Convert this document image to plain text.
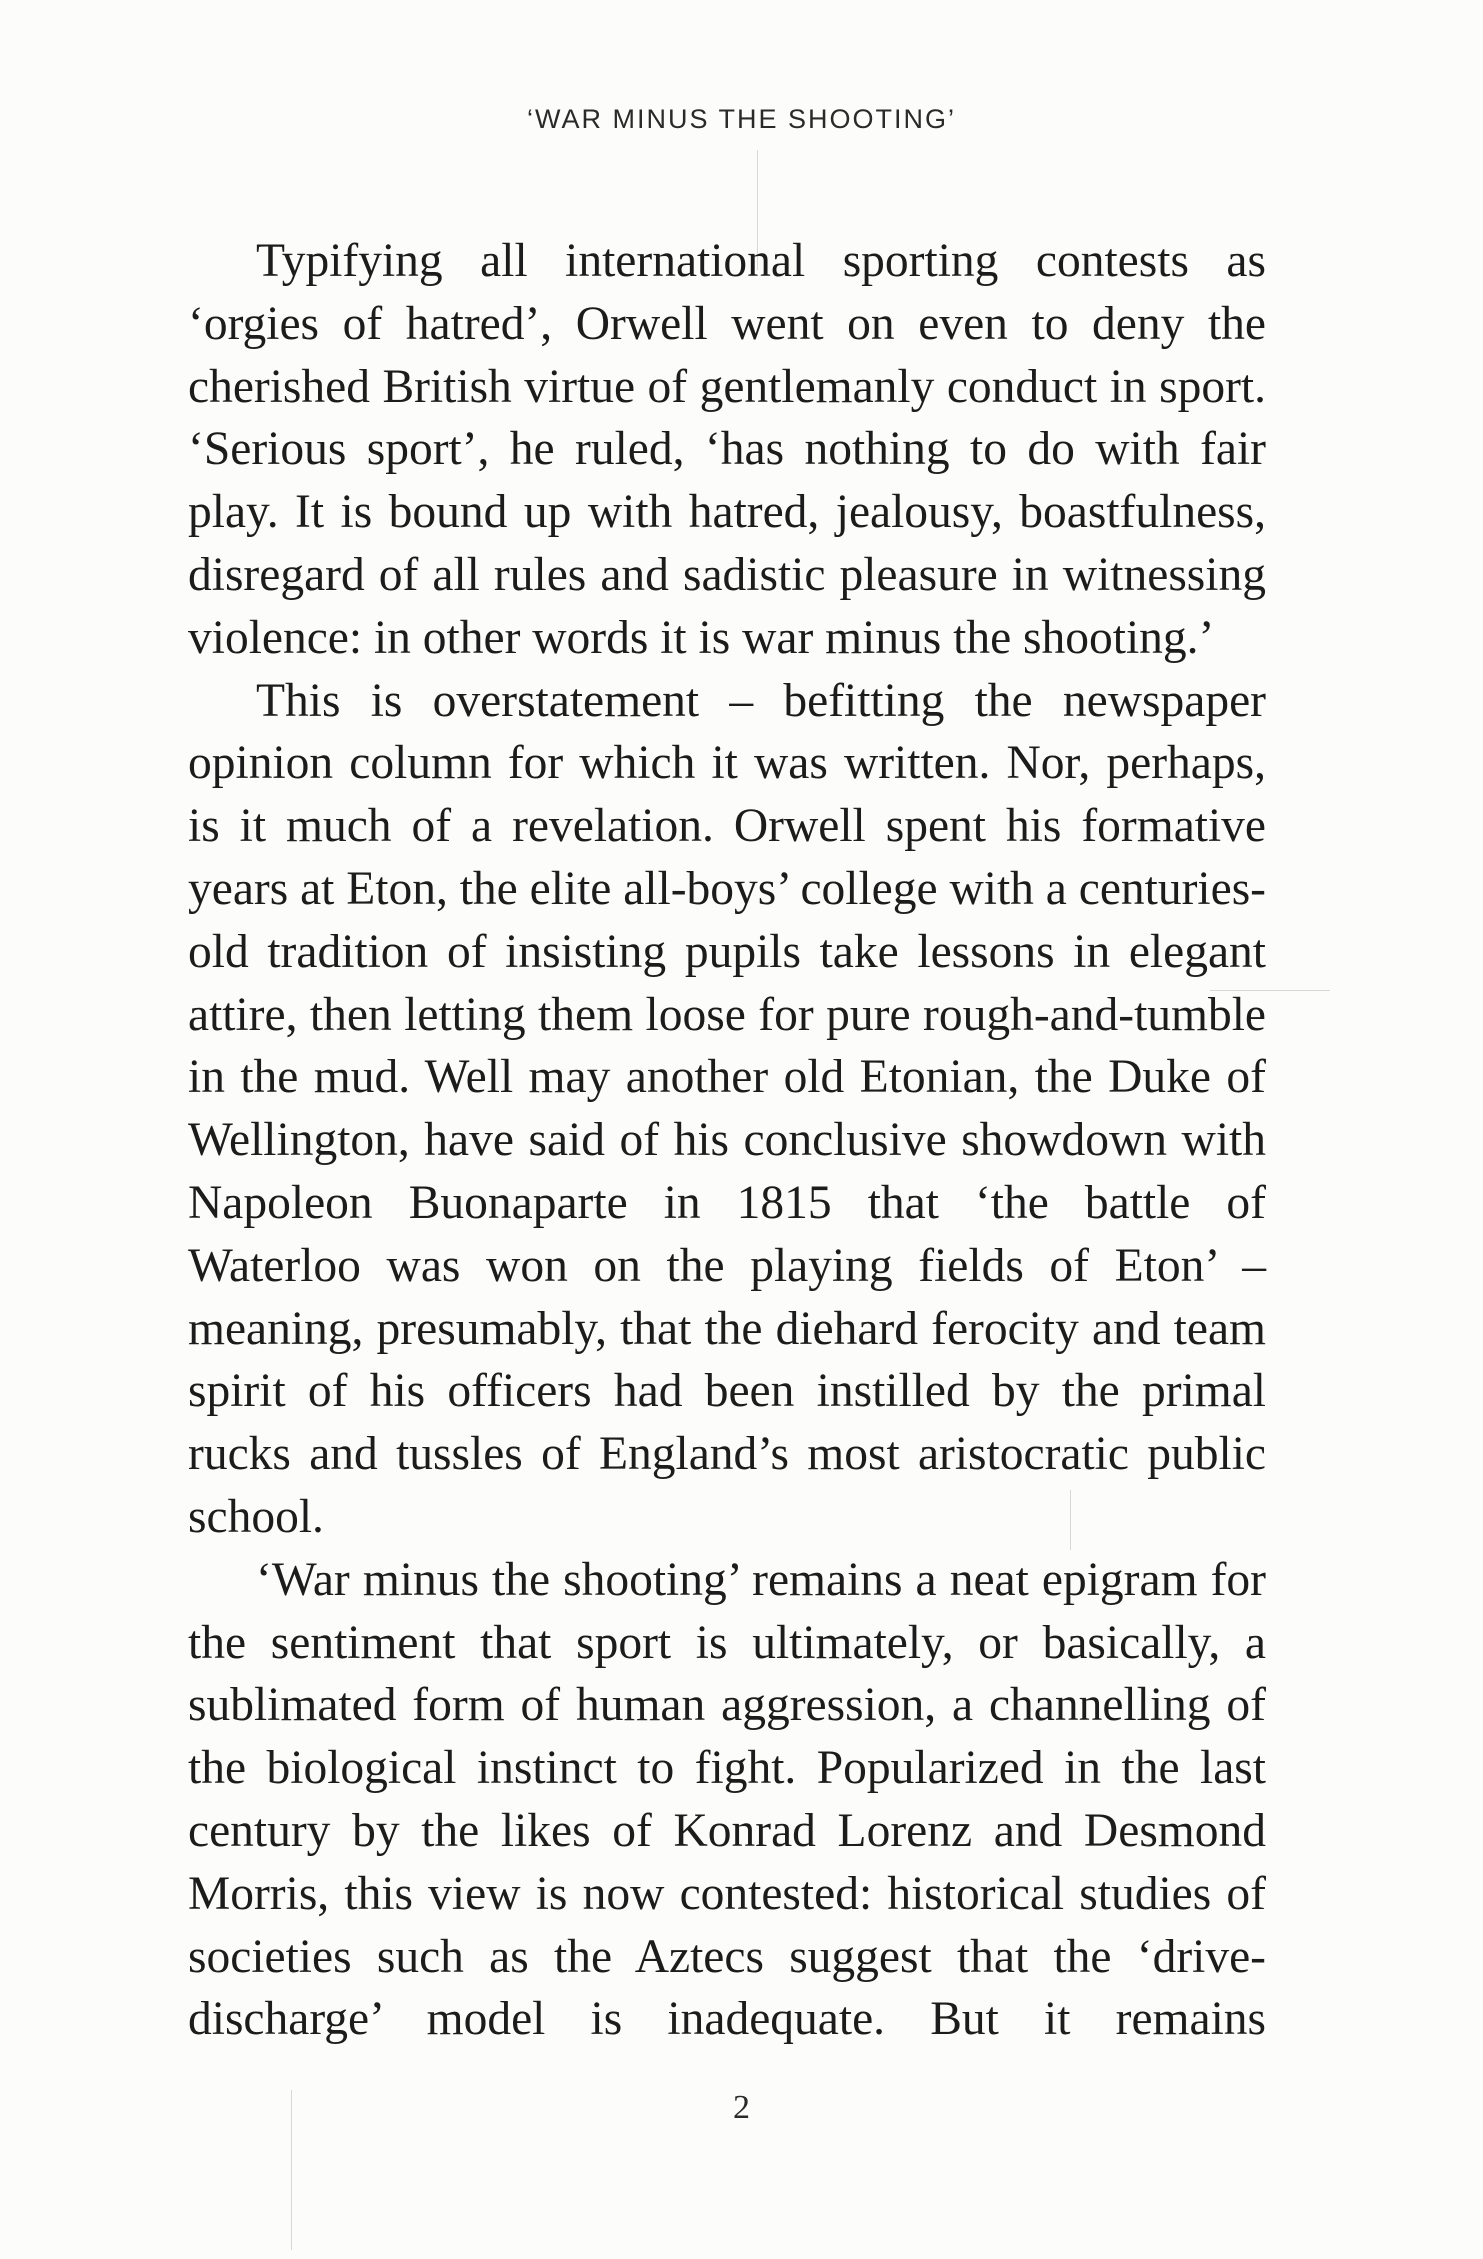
‘WAR MINUS THE SHOOTING’

Typifying all international sporting contests as ‘orgies of hatred’, Orwell went on even to deny the cherished British virtue of gentlemanly conduct in sport. ‘Serious sport’, he ruled, ‘has nothing to do with fair play. It is bound up with hatred, jealousy, boastfulness, disregard of all rules and sadistic pleasure in witnessing violence: in other words it is war minus the shooting.’

This is overstatement – befitting the newspaper opinion column for which it was written. Nor, perhaps, is it much of a revelation. Orwell spent his formative years at Eton, the elite all-boys’ college with a centuries-old tradition of insisting pupils take lessons in elegant attire, then letting them loose for pure rough-and-tumble in the mud. Well may another old Etonian, the Duke of Wellington, have said of his conclusive showdown with Napoleon Buonaparte in 1815 that ‘the battle of Waterloo was won on the playing fields of Eton’ – meaning, presumably, that the diehard ferocity and team spirit of his officers had been instilled by the primal rucks and tussles of England’s most aristocratic public school.

‘War minus the shooting’ remains a neat epigram for the sentiment that sport is ultimately, or basically, a sublimated form of human aggression, a channelling of the biological instinct to fight. Popularized in the last century by the likes of Konrad Lorenz and Desmond Morris, this view is now contested: historical studies of societies such as the Aztecs suggest that the ‘drive-discharge’ model is inadequate. But it remains

2
